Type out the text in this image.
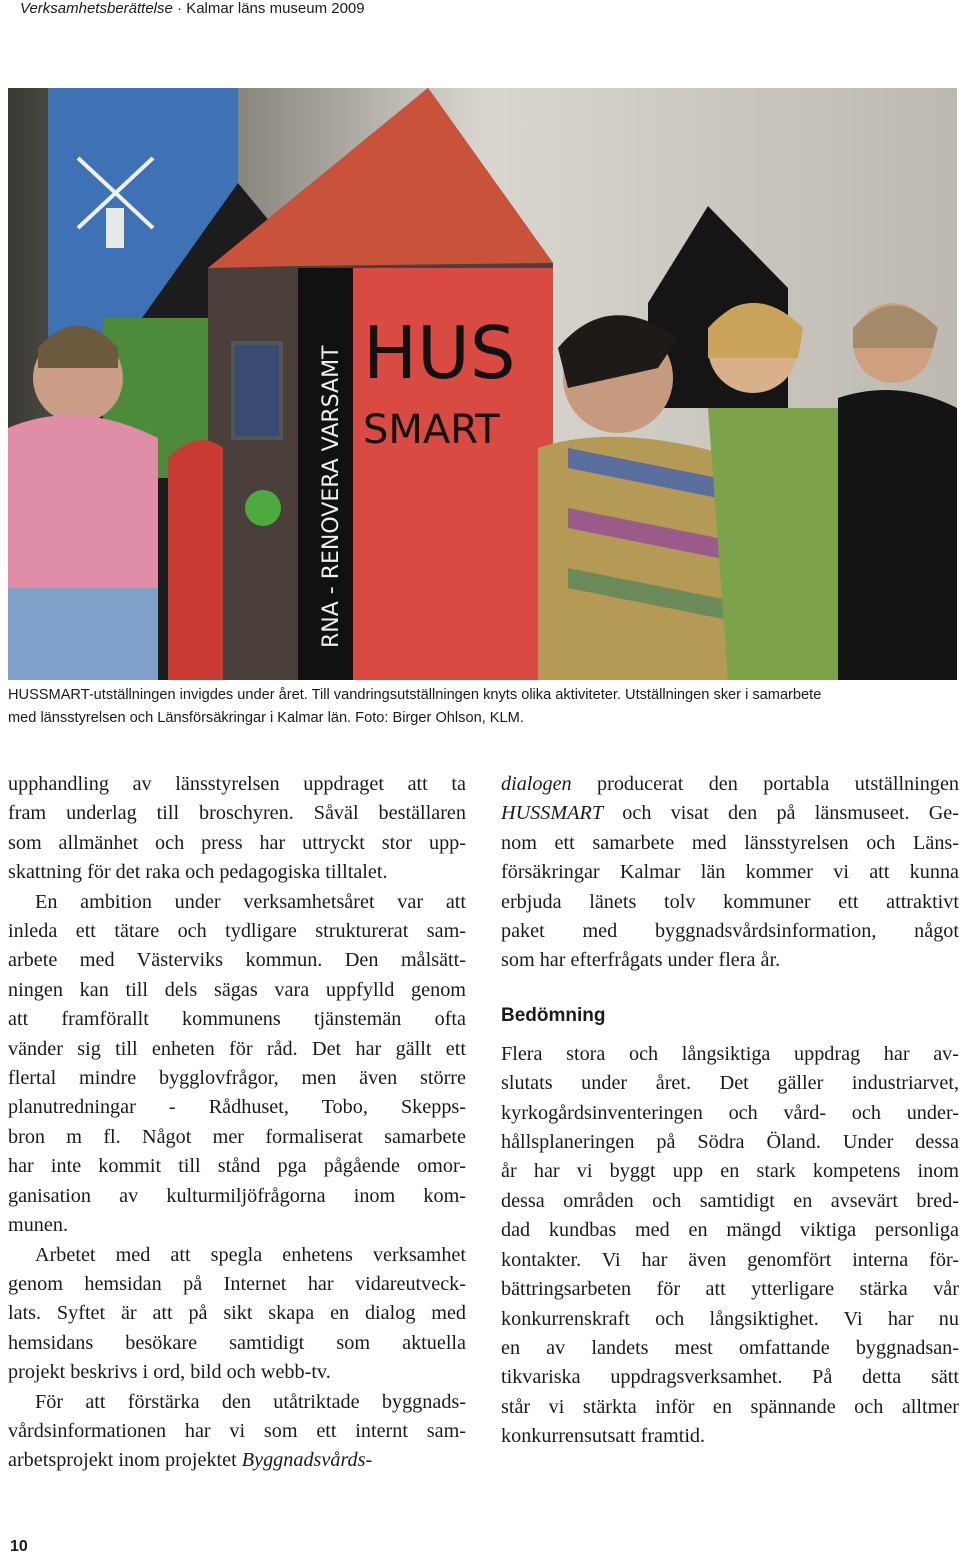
Verksamhetsberättelse · Kalmar läns museum 2009
HUS
SMART
RNA - RENOVERA VARSAMT

HUSSMART-utställningen invigdes under året. Till vandringsutställningen knyts olika aktiviteter. Utställningen sker i samarbete

med länsstyrelsen och Länsförsäkringar i Kalmar län. Foto: Birger Ohlson, KLM.

upphandling av länsstyrelsen uppdraget att ta

fram underlag till broschyren. Såväl beställaren

som allmänhet och press har uttryckt stor upp-

skattning för det raka och pedagogiska tilltalet.

En ambition under verksamhetsåret var att

inleda ett tätare och tydligare strukturerat sam-

arbete med Västerviks kommun. Den målsätt-

ningen kan till dels sägas vara uppfylld genom

att framförallt kommunens tjänstemän ofta

vänder sig till enheten för råd. Det har gällt ett

flertal mindre bygglovfrågor, men även större

planutredningar - Rådhuset, Tobo, Skepps-

bron m fl. Något mer formaliserat samarbete

har inte kommit till stånd pga pågående omor-

ganisation av kulturmiljöfrågorna inom kom-

munen.

Arbetet med att spegla enhetens verksamhet

genom hemsidan på Internet har vidareutveck-

lats. Syftet är att på sikt skapa en dialog med

hemsidans besökare samtidigt som aktuella

projekt beskrivs i ord, bild och webb-tv.

För att förstärka den utåtriktade byggnads-

vårdsinformationen har vi som ett internt sam-

arbetsprojekt inom projektet Byggnadsvårds-

dialogen producerat den portabla utställningen

HUSSMART och visat den på länsmuseet. Ge-

nom ett samarbete med länsstyrelsen och Läns-

försäkringar Kalmar län kommer vi att kunna

erbjuda länets tolv kommuner ett attraktivt

paket med byggnadsvårdsinformation, något

som har efterfrågats under flera år.

Bedömning

Flera stora och långsiktiga uppdrag har av-

slutats under året. Det gäller industriarvet,

kyrkogårdsinventeringen och vård- och under-

hållsplaneringen på Södra Öland. Under dessa

år har vi byggt upp en stark kompetens inom

dessa områden och samtidigt en avsevärt bred-

dad kundbas med en mängd viktiga personliga

kontakter. Vi har även genomfört interna för-

bättringsarbeten för att ytterligare stärka vår

konkurrenskraft och långsiktighet. Vi har nu

en av landets mest omfattande byggnadsan-

tikvariska uppdragsverksamhet. På detta sätt

står vi stärkta inför en spännande och alltmer

konkurrensutsatt framtid.

10
